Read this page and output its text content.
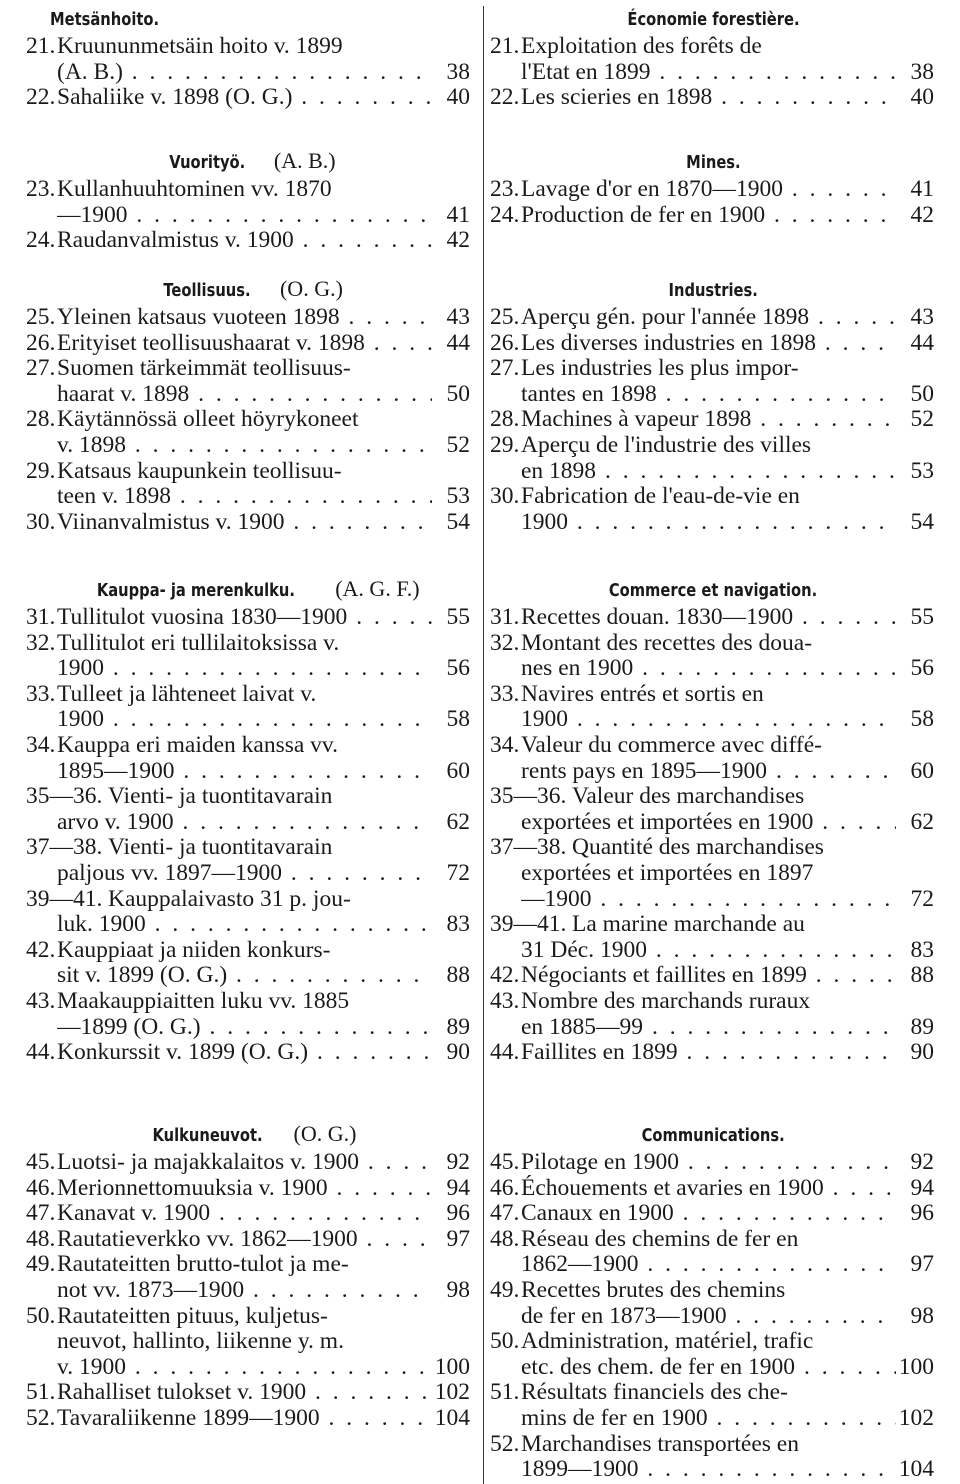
Metsänhoito.
21. Kruununmetsäin hoito v. 1899
(A. B.) . . .	38
22. Sahaliike v. 1898 (O. G.) . . .	40
Vuorityö.  (A. B.)
23. Kullanhuuhtominen vv. 1870
—1900 . . .	41
24. Raudanvalmistus v. 1900 . . .	42
Teollisuus.  (O. G.)
25. Yleinen katsaus vuoteen 1898 . . .	43
26. Erityiset teollisuushaarat v. 1898 . . .	44
27. Suomen tärkeimmät teollisuus-
haarat v. 1898 . . .	50
28. Käytännössä olleet höyrykoneet
v. 1898 . . .	52
29. Katsaus kaupunkein teollisuu-
teen v. 1898 . . .	53
30. Viinanvalmistus v. 1900 . . .	54
Kauppa- ja merenkulku.  (A. G. F.)
31. Tullitulot vuosina 1830—1900 . . .	55
32. Tullitulot eri tullilaitoksissa v.
1900 . . .	56
33. Tulleet ja lähteneet laivat v.
1900 . . .	58
34. Kauppa eri maiden kanssa vv.
1895—1900 . . .	60
35—36. Vienti- ja tuontitavarain
arvo v. 1900 . . .	62
37—38. Vienti- ja tuontitavarain
paljous vv. 1897—1900 . . .	72
39—41. Kauppalaivasto 31 p. jou-
luk. 1900 . . .	83
42. Kauppiaat ja niiden konkurs-
sit v. 1899 (O. G.) . . .	88
43. Maakauppiaitten luku vv. 1885
—1899 (O. G.) . . .	89
44. Konkurssit v. 1899 (O. G.) . . .	90
Kulkuneuvot.  (O. G.)
45. Luotsi- ja majakkalaitos v. 1900 . . .	92
46. Merionnettomuuksia v. 1900 . . .	94
47. Kanavat v. 1900 . . .	96
48. Rautatieverkko vv. 1862—1900 . . .	97
49. Rautateitten brutto-tulot ja me-
not vv. 1873—1900 . . .	98
50. Rautateitten pituus, kuljetus-
neuvot, hallinto, liikenne y. m.
v. 1900 . . .	100
51. Rahalliset tulokset v. 1900 . . .	102
52. Tavaraliikenne 1899—1900 . . .	104
Économie forestière.
21. Exploitation des forêts de
l'Etat en 1899 . . .	38
22. Les scieries en 1898 . . .	40
Mines.
23. Lavage d'or en 1870—1900 . . .	41
24. Production de fer en 1900 . . .	42
Industries.
25. Aperçu gén. pour l'année 1898 . . .	43
26. Les diverses industries en 1898 . . .	44
27. Les industries les plus impor-
tantes en 1898 . . .	50
28. Machines à vapeur 1898 . . .	52
29. Aperçu de l'industrie des villes
en 1898 . . .	53
30. Fabrication de l'eau-de-vie en
1900 . . .	54
Commerce et navigation.
31. Recettes douan. 1830—1900 . . .	55
32. Montant des recettes des doua-
nes en 1900 . . .	56
33. Navires entrés et sortis en
1900 . . .	58
34. Valeur du commerce avec diffé-
rents pays en 1895—1900 . . .	60
35—36. Valeur des marchandises
exportées et importées en 1900 . . .	62
37—38. Quantité des marchandises
exportées et importées en 1897
—1900 . . .	72
39—41. La marine marchande au
31 Déc. 1900 . . .	83
42. Négociants et faillites en 1899 . . .	88
43. Nombre des marchands ruraux
en 1885—99 . . .	89
44. Faillites en 1899 . . .	90
Communications.
45. Pilotage en 1900 . . .	92
46. Échouements et avaries en 1900 . . .	94
47. Canaux en 1900 . . .	96
48. Réseau des chemins de fer en
1862—1900 . . .	97
49. Recettes brutes des chemins
de fer en 1873—1900 . . .	98
50. Administration, matériel, trafic
etc. des chem. de fer en 1900 . . .	100
51. Résultats financiels des che-
mins de fer en 1900 . . .	102
52. Marchandises transportées en
1899—1900 . . .	104
